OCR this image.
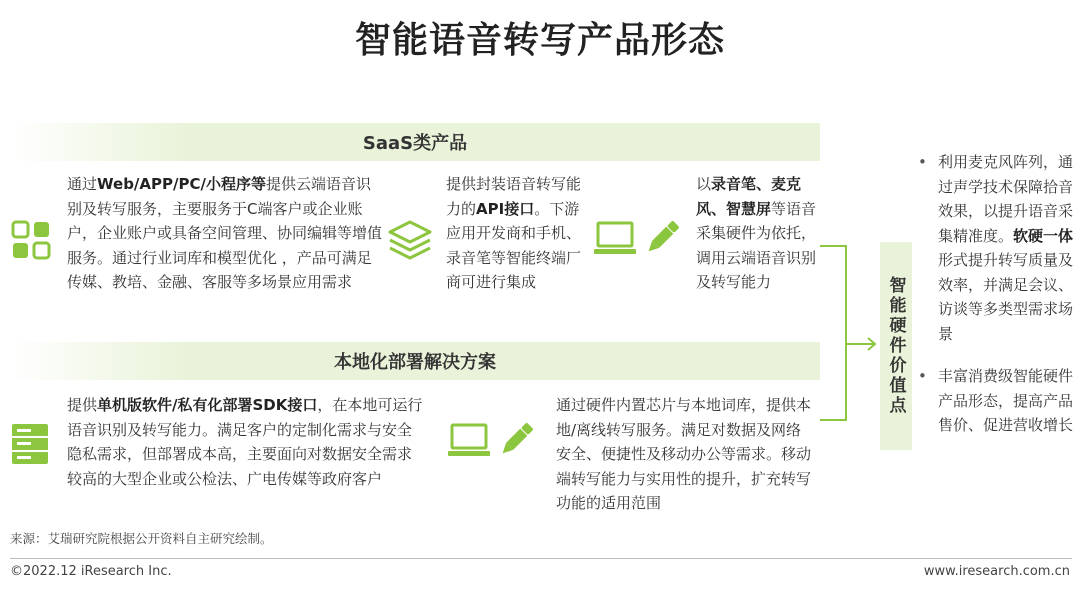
智能语音转写产品形态
SaaS类产品

通过Web/APP/PC/小程序等提供云端语音识别及转写服务，主要服务于C端客户或企业账户，企业账户或具备空间管理、协同编辑等增值服务。通过行业词库和模型优化 ，产品可满足传媒、教培、金融、客服等多场景应用需求

提供封装语音转写能力的API接口。下游应用开发商和手机、录音笔等智能终端厂商可进行集成

以录音笔、麦克风、智慧屏等语音采集硬件为依托，调用云端语音识别及转写能力

本地化部署解决方案

提供单机版软件/私有化部署SDK接口，在本地可运行语音识别及转写能力。满足客户的定制化需求与安全隐私需求，但部署成本高，主要面向对数据安全需求较高的大型企业或公检法、广电传媒等政府客户

通过硬件内置芯片与本地词库，提供本地/离线转写服务。满足对数据及网络安全、便捷性及移动办公等需求。移动端转写能力与实用性的提升，扩充转写功能的适用范围

智能硬件价值点
• 利用麦克风阵列，通过声学技术保障拾音效果，以提升语音采集精准度。软硬一体形式提升转写质量及效率，并满足会议、访谈等多类型需求场景
• 丰富消费级智能硬件产品形态，提高产品售价、促进营收增长
来源：艾瑞研究院根据公开资料自主研究绘制。
©2022.12 iResearch Inc.	www.iresearch.com.cn
